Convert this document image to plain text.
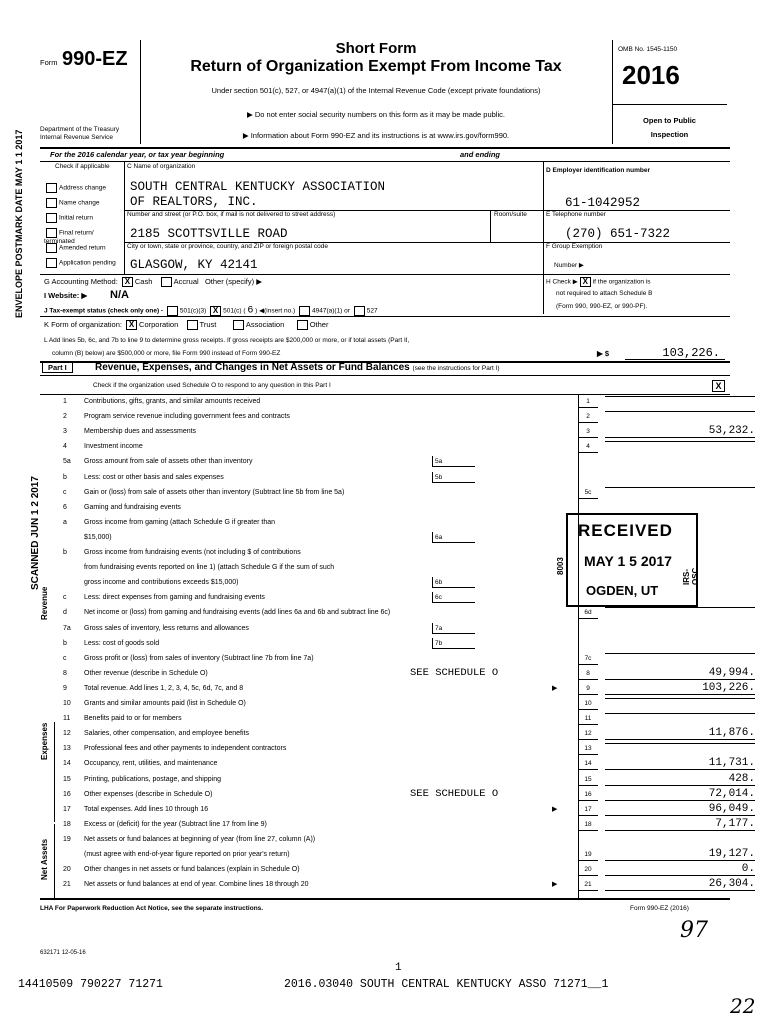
Form 990-EZ
Department of the Treasury
Internal Revenue Service
Short Form
Return of Organization Exempt From Income Tax
Under section 501(c), 527, or 4947(a)(1) of the Internal Revenue Code (except private foundations)
▶ Do not enter social security numbers on this form as it may be made public.
▶ Information about Form 990-EZ and its instructions is at www.irs.gov/form990.
OMB No. 1545-1150
2016
Open to Public
Inspection
For the 2016 calendar year, or tax year beginning	and ending
Check if applicable
Address change
Name change
Initial return
Final return/ terminated
Amended return
Application pending
C Name of organization
SOUTH CENTRAL KENTUCKY ASSOCIATION
OF REALTORS, INC.
Number and street (or P.O. box, if mail is not delivered to street address)	Room/suite
2185 SCOTTSVILLE ROAD
City or town, state or province, country, and ZIP or foreign postal code
GLASGOW, KY 42141
D Employer identification number
61-1042952
E Telephone number
(270) 651-7322
F Group Exemption
Number ▶
G Accounting Method: X Cash	Accrual Other (specify) ▶	H Check ▶ X if the organization is
not required to attach Schedule B
(Form 990, 990-EZ, or 990-PF).
I Website: ▶ N/A
J Tax-exempt status (check only one) -	501(c)(3) X 501(c) ( 6 ) ◀(insert no.)	4947(a)(1) or	527
K Form of organization: X Corporation	Trust	Association	Other
L Add lines 5b, 6c, and 7b to line 9 to determine gross receipts. If gross receipts are $200,000 or more, or if total assets (Part II,
column (B) below) are $500,000 or more, file Form 990 instead of Form 990-EZ	▶ $	103,226.
Part I	Revenue, Expenses, and Changes in Net Assets or Fund Balances (see the instructions for Part I)
Check if the organization used Schedule O to respond to any question in this Part I	X
1	Contributions, gifts, grants, and similar amounts received	1
2	Program service revenue including government fees and contracts	2
3	Membership dues and assessments	3	53,232.
4	Investment income	4
5a	Gross amount from sale of assets other than inventory	5a
b	Less: cost or other basis and sales expenses	5b
c	Gain or (loss) from sale of assets other than inventory (Subtract line 5b from line 5a)	5c
6	Gaming and fundraising events
a	Gross income from gaming (attach Schedule G if greater than
$15,000)	6a
b	Gross income from fundraising events (not including $ of contributions
from fundraising events reported on line 1) (attach Schedule G if the sum of such
gross income and contributions exceeds $15,000)	6b
c	Less: direct expenses from gaming and fundraising events	6c
d	Net income or (loss) from gaming and fundraising events (add lines 6a and 6b and subtract line 6c)	6d
7a	Gross sales of inventory, less returns and allowances	7a
b	Less: cost of goods sold	7b
c	Gross profit or (loss) from sales of inventory (Subtract line 7b from line 7a)	7c
8	Other revenue (describe in Schedule O)	SEE SCHEDULE O	8	49,994.
9	Total revenue. Add lines 1, 2, 3, 4, 5c, 6d, 7c, and 8	▶	9	103,226.
10	Grants and similar amounts paid (list in Schedule O)	10
11	Benefits paid to or for members	11
12	Salaries, other compensation, and employee benefits	12	11,876.
13	Professional fees and other payments to independent contractors	13
14	Occupancy, rent, utilities, and maintenance	14	11,731.
15	Printing, publications, postage, and shipping	15	428.
16	Other expenses (describe in Schedule O)	SEE SCHEDULE O	16	72,014.
17	Total expenses. Add lines 10 through 16	▶	17	96,049.
18	Excess or (deficit) for the year (Subtract line 17 from line 9)	18	7,177.
19	Net assets or fund balances at beginning of year (from line 27, column (A))
(must agree with end-of-year figure reported on prior year's return)	19	19,127.
20	Other changes in net assets or fund balances (explain in Schedule O)	20	0.
21	Net assets or fund balances at end of year. Combine lines 18 through 20	▶	21	26,304.
Expenses
Net Assets
RECEIVED
MAY 1 5 2017
OGDEN, UT
8003
IRS-OSC
ENVELOPE POSTMARK DATE MAY 1 1 2017
SCANNED JUN 1 2 2017
LHA For Paperwork Reduction Act Notice, see the separate instructions.	Form 990-EZ (2016)
632171 12-05-16
1
14410509 790227 71271	2016.03040 SOUTH CENTRAL KENTUCKY ASSO 71271__1
97
22
Revenue
